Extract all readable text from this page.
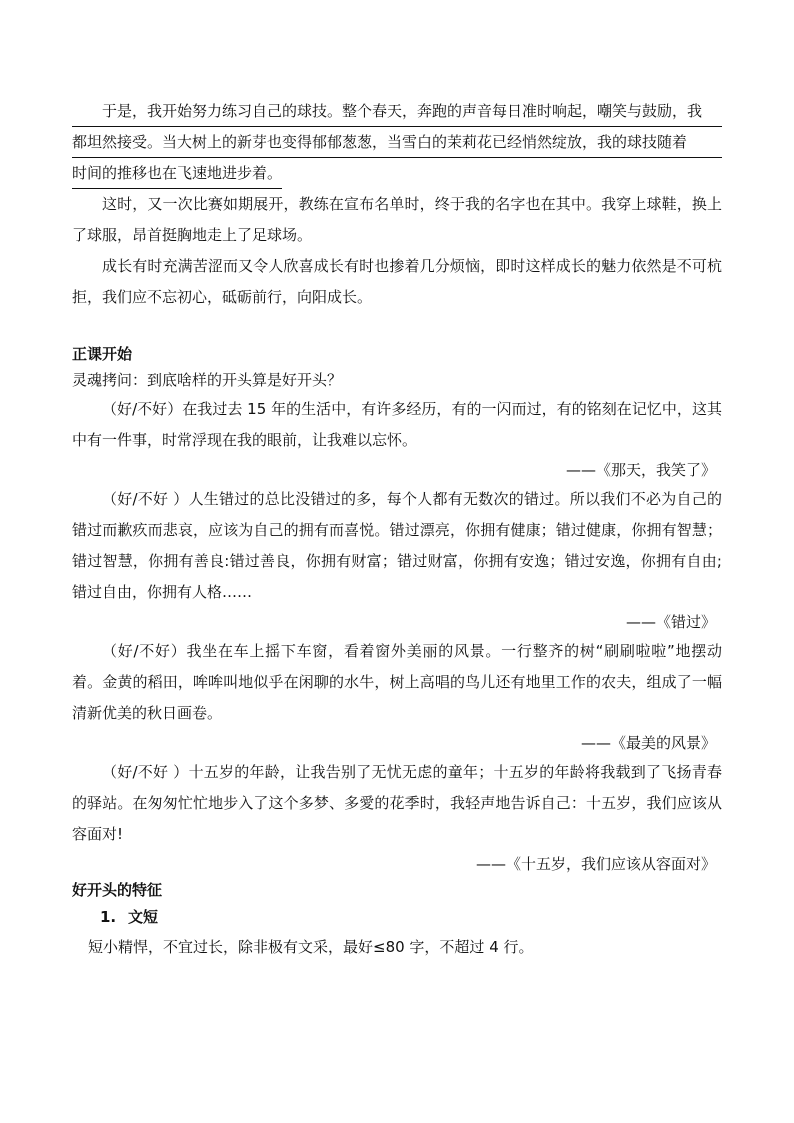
于是，我开始努力练习自己的球技。整个春天，奔跑的声音每日准时响起，嘲笑与鼓励，我
都坦然接受。当大树上的新芽也变得郁郁葱葱，当雪白的茉莉花已经悄然绽放，我的球技随着
时间的推移也在飞速地进步着。

这时，又一次比赛如期展开，教练在宣布名单时，终于我的名字也在其中。我穿上球鞋，换上了球服，昂首挺胸地走上了足球场。

成长有时充满苦涩而又令人欣喜成长有时也掺着几分烦恼，即时这样成长的魅力依然是不可杭拒，我们应不忘初心，砥砺前行，向阳成长。

正课开始

灵魂拷问：到底啥样的开头算是好开头？

（好/不好）在我过去 15 年的生活中，有许多经历，有的一闪而过，有的铭刻在记忆中，这其中有一件事，时常浮现在我的眼前，让我难以忘怀。

——《那天，我笑了》

（好/不好 ）人生错过的总比没错过的多，每个人都有无数次的错过。所以我们不必为自己的错过而歉疚而悲哀，应该为自己的拥有而喜悦。错过漂亮，你拥有健康；错过健康，你拥有智慧；错过智慧，你拥有善良:错过善良，你拥有财富；错过财富，你拥有安逸；错过安逸，你拥有自由;错过自由，你拥有人格……

——《错过》

（好/不好）我坐在车上摇下车窗，看着窗外美丽的风景。一行整齐的树“刷刷啦啦”地摆动着。金黄的稻田，哞哞叫地似乎在闲聊的水牛，树上高唱的鸟儿还有地里工作的农夫，组成了一幅清新优美的秋日画卷。

——《最美的风景》

（好/不好 ）十五岁的年龄，让我告别了无忧无虑的童年；十五岁的年龄将我载到了飞扬青春的驿站。在匆匆忙忙地步入了这个多梦、多愛的花季时，我轻声地告诉自己：十五岁，我们应该从容面对!

——《十五岁，我们应该从容面对》

好开头的特征

1. 文短

短小精悍，不宜过长，除非极有文采，最好≤80 字，不超过 4 行。
